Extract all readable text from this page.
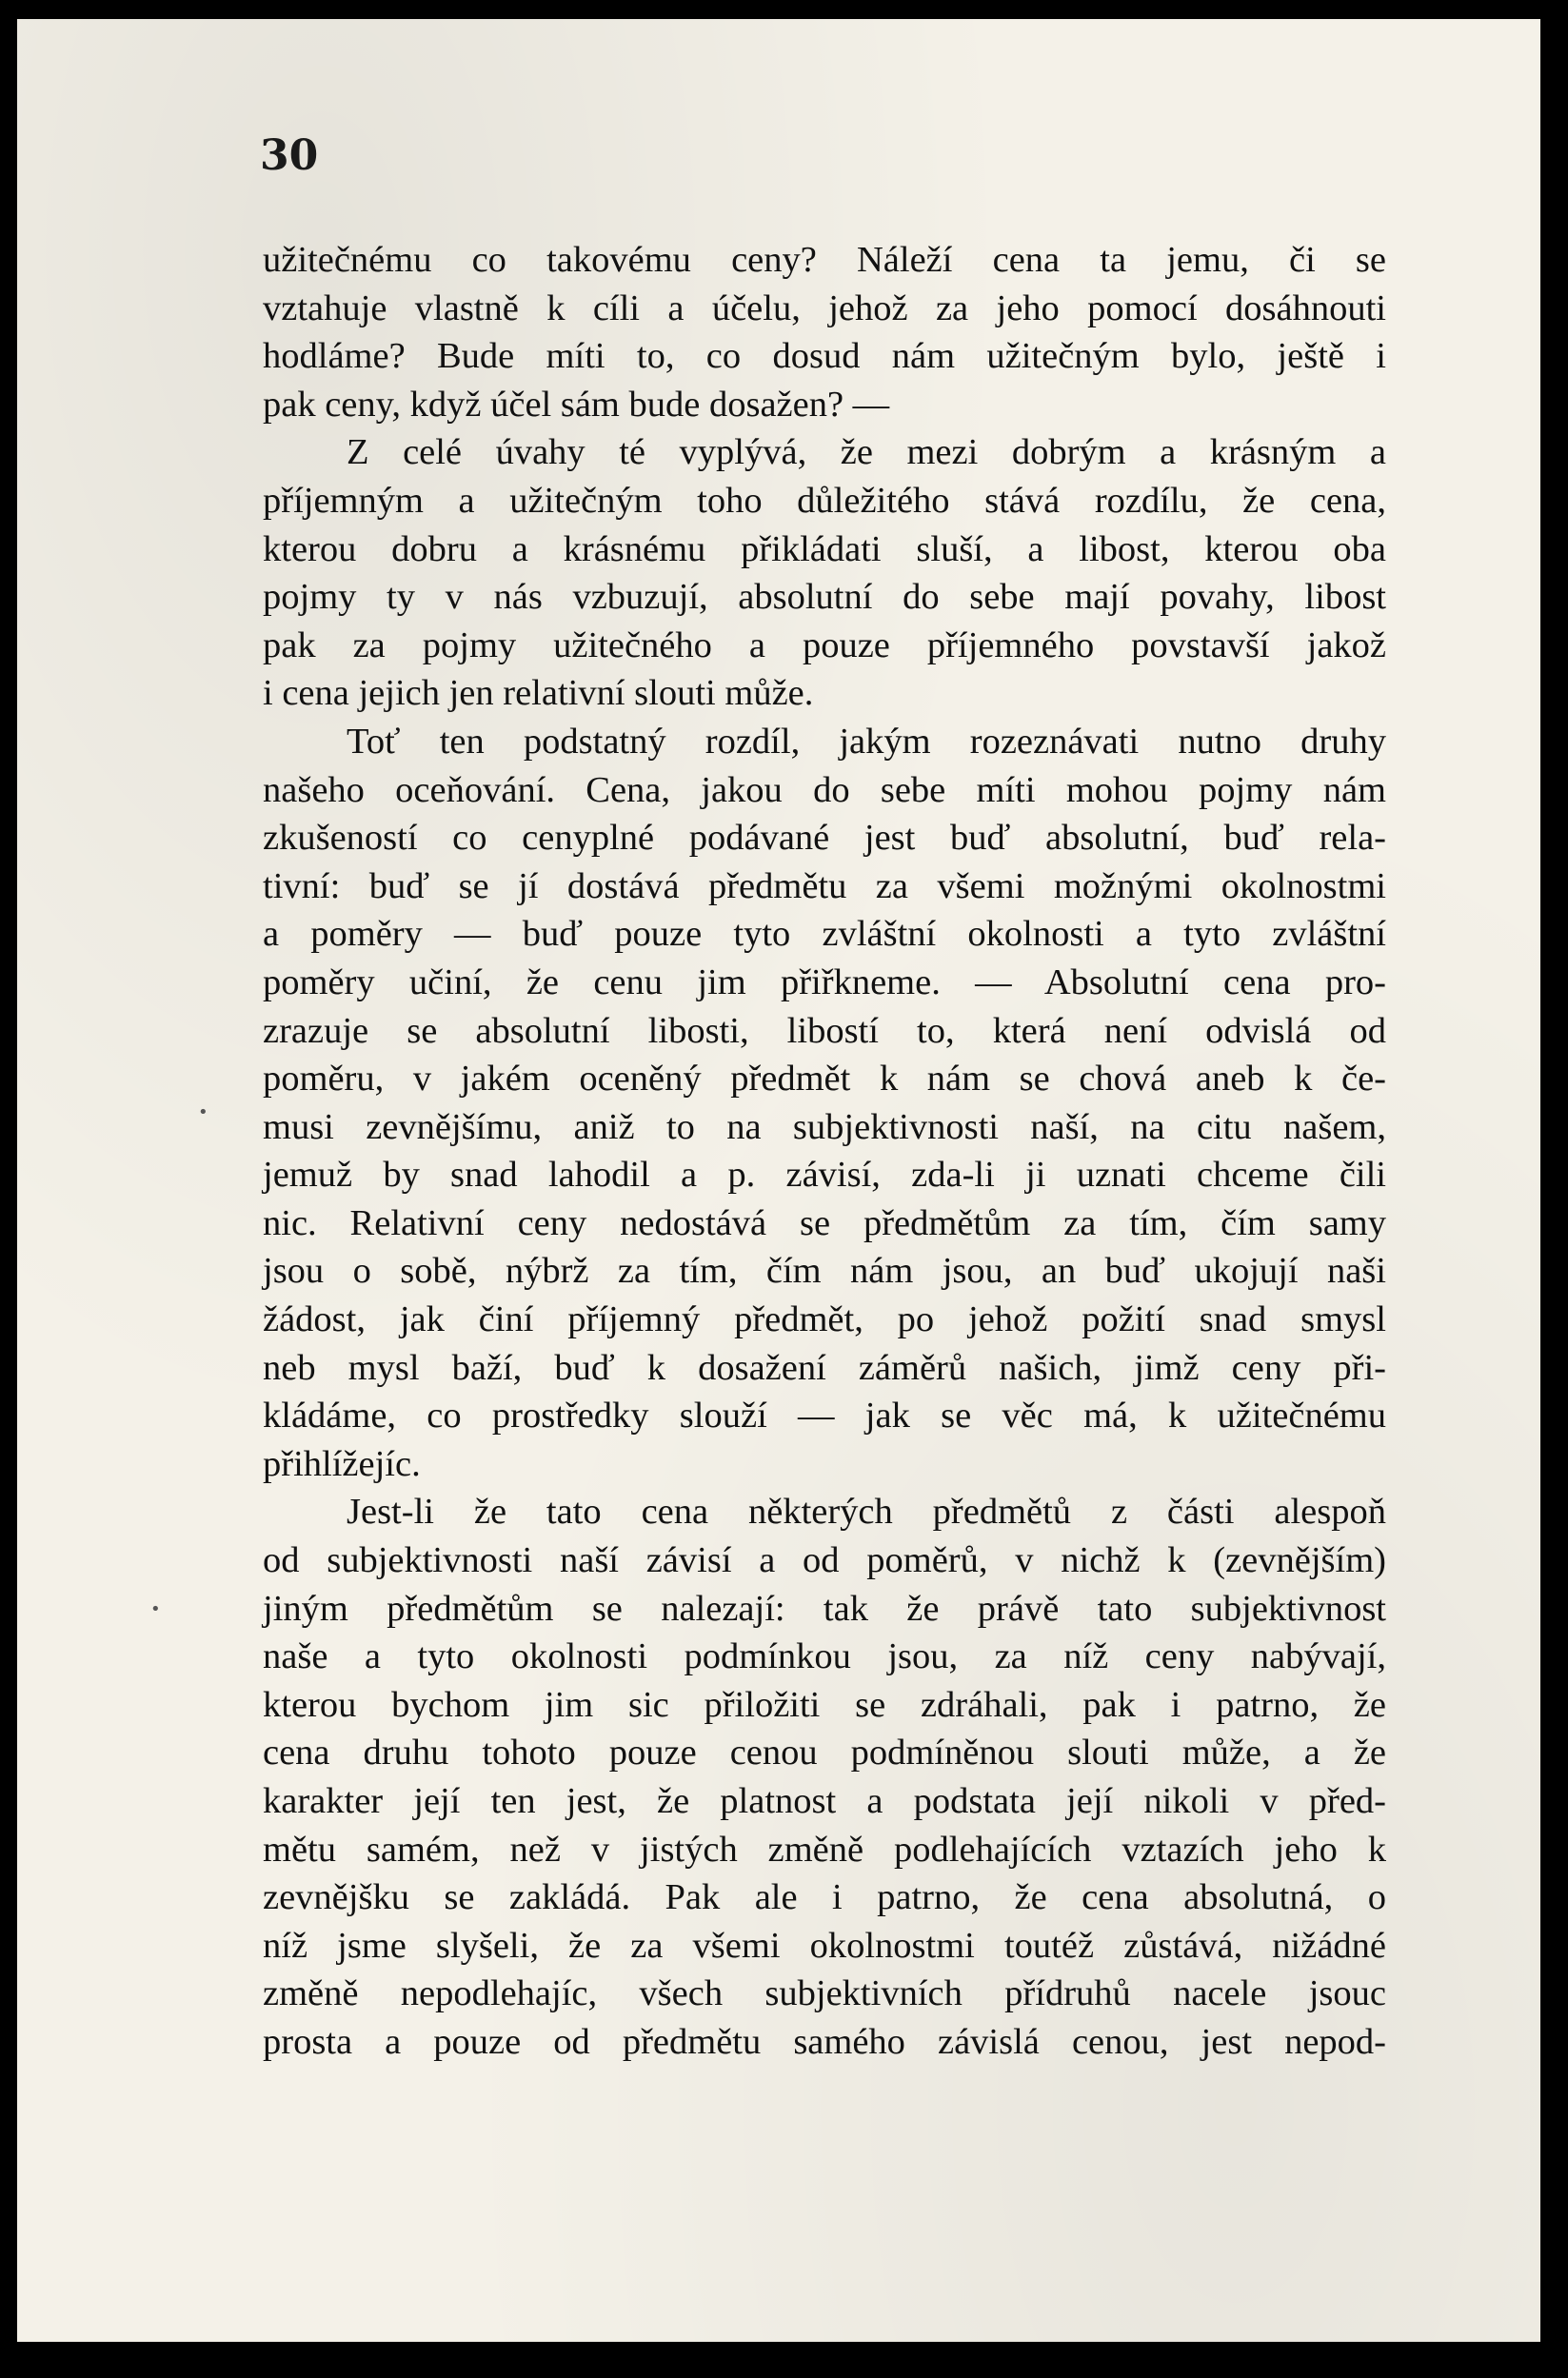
30
užitečnému co takovému ceny? Náleží cena ta jemu, či se
vztahuje vlastně k cíli a účelu, jehož za jeho pomocí dosáhnouti
hodláme? Bude míti to, co dosud nám užitečným bylo, ještě i
pak ceny, když účel sám bude dosažen? —
Z celé úvahy té vyplývá, že mezi dobrým a krásným a
příjemným a užitečným toho důležitého stává rozdílu, že cena,
kterou dobru a krásnému přikládati sluší, a libost, kterou oba
pojmy ty v nás vzbuzují, absolutní do sebe mají povahy, libost
pak za pojmy užitečného a pouze příjemného povstavší jakož
i cena jejich jen relativní slouti může.
Toť ten podstatný rozdíl, jakým rozeznávati nutno druhy
našeho oceňování. Cena, jakou do sebe míti mohou pojmy nám
zkušeností co cenyplné podávané jest buď absolutní, buď rela-
tivní: buď se jí dostává předmětu za všemi možnými okolnostmi
a poměry — buď pouze tyto zvláštní okolnosti a tyto zvláštní
poměry učiní, že cenu jim přiřkneme. — Absolutní cena pro-
zrazuje se absolutní libosti, libostí to, která není odvislá od
poměru, v jakém oceněný předmět k nám se chová aneb k če-
musi zevnějšímu, aniž to na subjektivnosti naší, na citu našem,
jemuž by snad lahodil a p. závisí, zda-li ji uznati chceme čili
nic. Relativní ceny nedostává se předmětům za tím, čím samy
jsou o sobě, nýbrž za tím, čím nám jsou, an buď ukojují naši
žádost, jak činí příjemný předmět, po jehož požití snad smysl
neb mysl baží, buď k dosažení záměrů našich, jimž ceny při-
kládáme, co prostředky slouží — jak se věc má, k užitečnému
přihlížejíc.
Jest-li že tato cena některých předmětů z části alespoň
od subjektivnosti naší závisí a od poměrů, v nichž k (zevnějším)
jiným předmětům se nalezají: tak že právě tato subjektivnost
naše a tyto okolnosti podmínkou jsou, za níž ceny nabývají,
kterou bychom jim sic přiložiti se zdráhali, pak i patrno, že
cena druhu tohoto pouze cenou podmíněnou slouti může, a že
karakter její ten jest, že platnost a podstata její nikoli v před-
mětu samém, než v jistých změně podlehajících vztazích jeho k
zevnějšku se zakládá. Pak ale i patrno, že cena absolutná, o
níž jsme slyšeli, že za všemi okolnostmi toutéž zůstává, nižádné
změně nepodlehajíc, všech subjektivních přídruhů nacele jsouc
prosta a pouze od předmětu samého závislá cenou, jest nepod-
•
•
